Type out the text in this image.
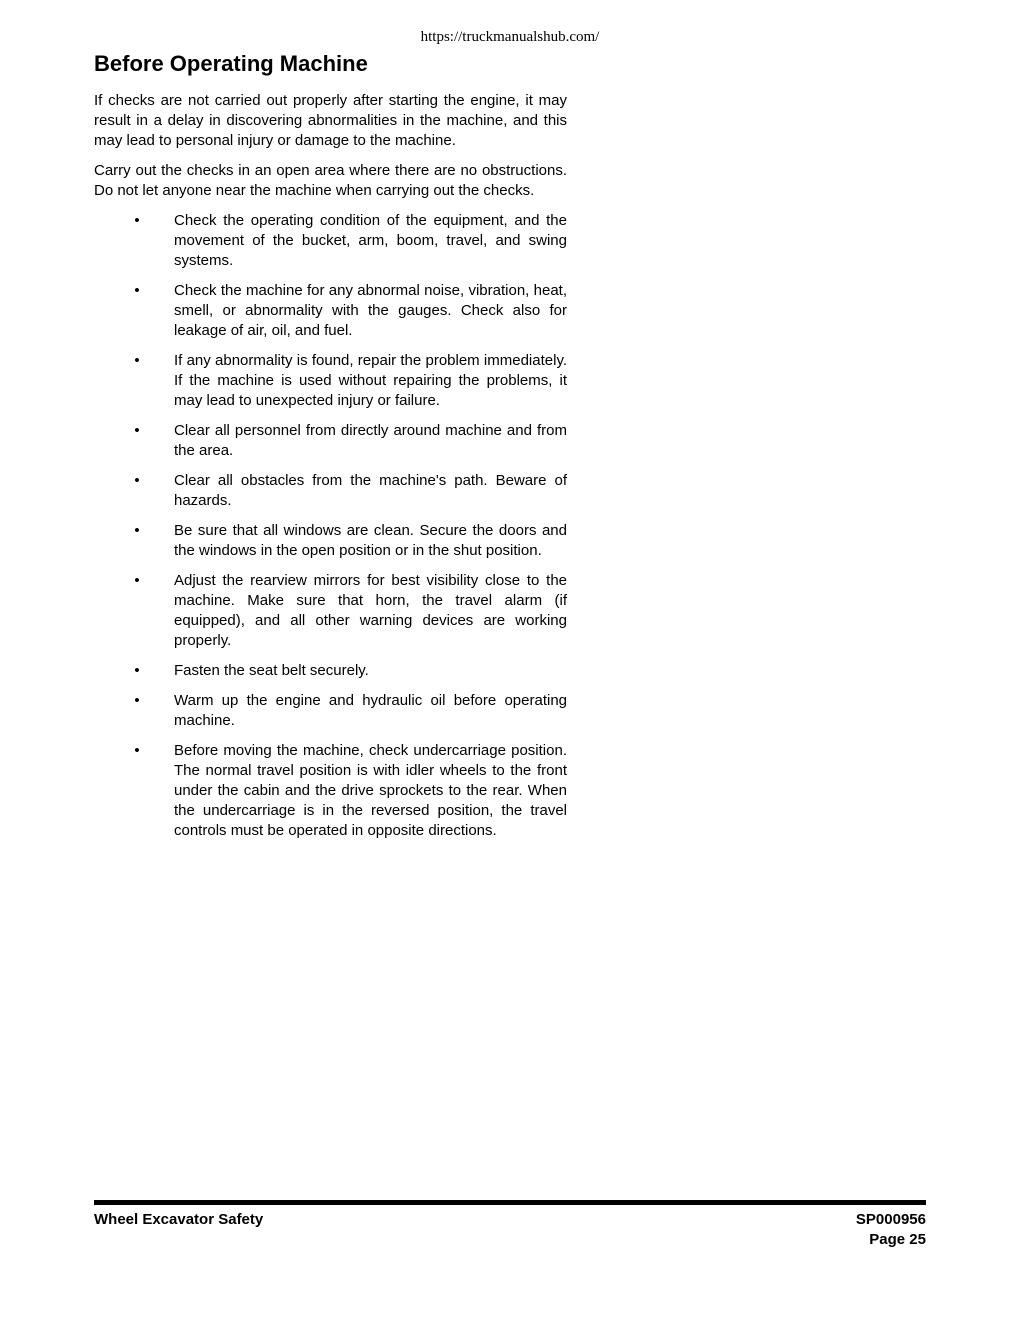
https://truckmanualshub.com/
Before Operating Machine

If checks are not carried out properly after starting the engine, it may result in a delay in discovering abnormalities in the machine, and this may lead to personal injury or damage to the machine.

Carry out the checks in an open area where there are no obstructions. Do not let anyone near the machine when carrying out the checks.

• Check the operating condition of the equipment, and the movement of the bucket, arm, boom, travel, and swing systems.
• Check the machine for any abnormal noise, vibration, heat, smell, or abnormality with the gauges. Check also for leakage of air, oil, and fuel.
• If any abnormality is found, repair the problem immediately. If the machine is used without repairing the problems, it may lead to unexpected injury or failure.
• Clear all personnel from directly around machine and from the area.
• Clear all obstacles from the machine's path. Beware of hazards.
• Be sure that all windows are clean. Secure the doors and the windows in the open position or in the shut position.
• Adjust the rearview mirrors for best visibility close to the machine. Make sure that horn, the travel alarm (if equipped), and all other warning devices are working properly.
• Fasten the seat belt securely.
• Warm up the engine and hydraulic oil before operating machine.
• Before moving the machine, check undercarriage position. The normal travel position is with idler wheels to the front under the cabin and the drive sprockets to the rear. When the undercarriage is in the reversed position, the travel controls must be operated in opposite directions.
Wheel Excavator Safety	SP000956
Page 25
